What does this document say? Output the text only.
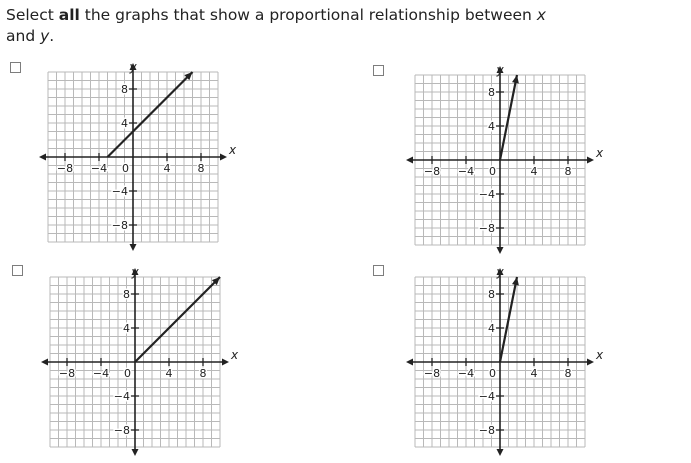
Select all the graphs that show a proportional relationship between x
and y.
−8 −4	4 8
8
4
−4
−8
0
x
y
−8 −4	4 8
8
4
−4
−8
0
x
y
−8 −4	4 8
8
4
−4
−8
0
x
y
−8 −4	4 8
8
4
−4
−8
0
x
y
